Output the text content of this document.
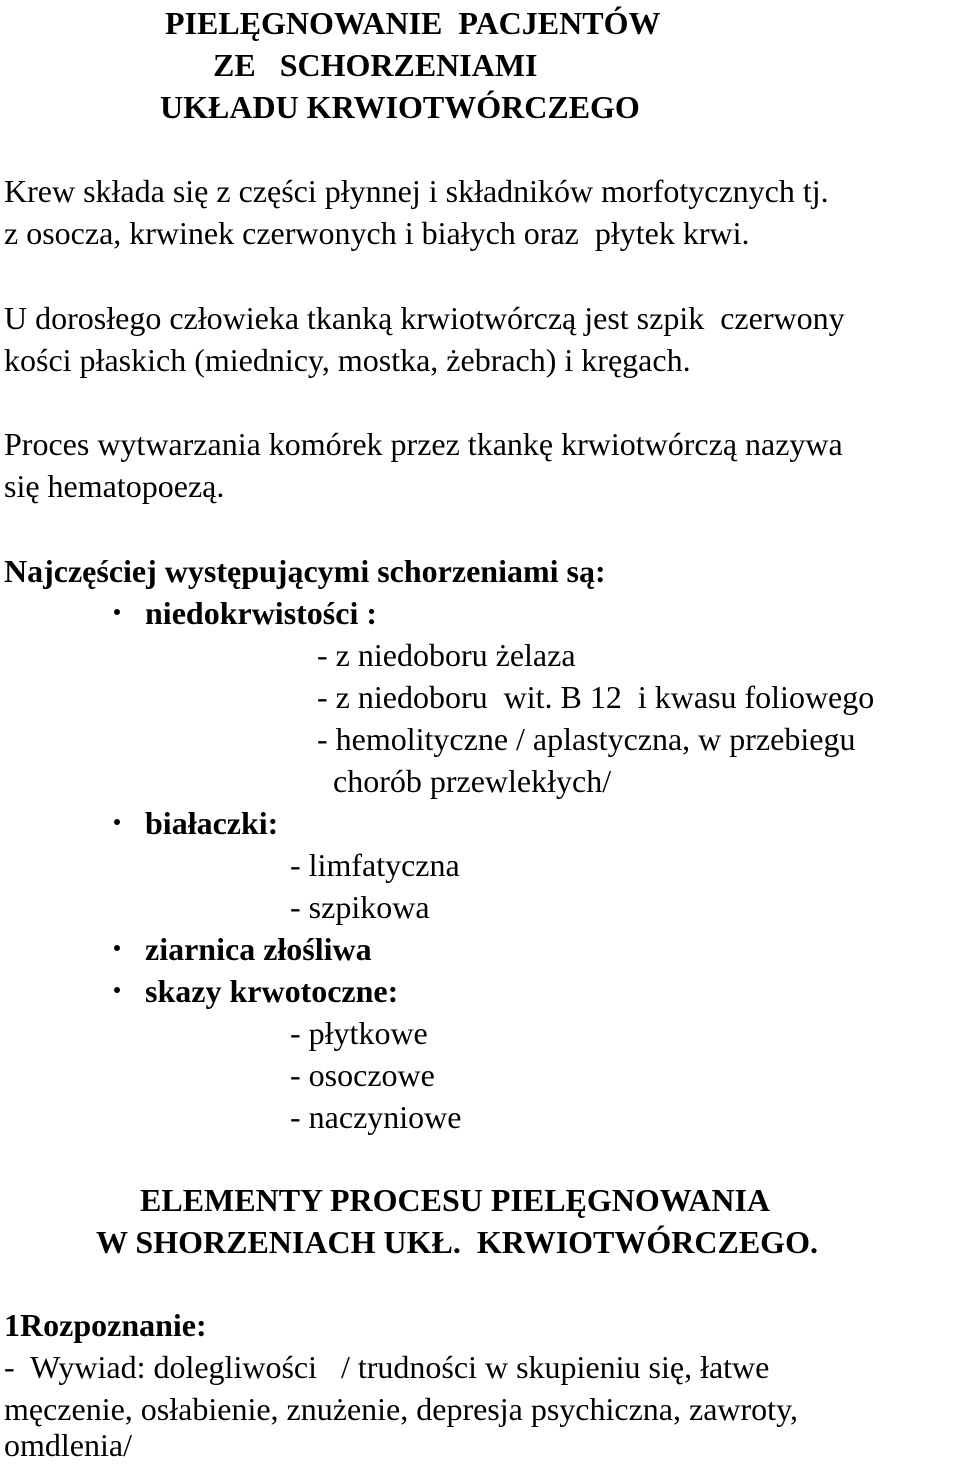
PIELĘGNOWANIE  PACJENTÓW
ZE   SCHORZENIAMI
UKŁADU KRWIOTWÓRCZEGO
Krew składa się z części płynnej i składników morfotycznych tj.
z osocza, krwinek czerwonych i białych oraz  płytek krwi.
U dorosłego człowieka tkanką krwiotwórczą jest szpik  czerwony
kości płaskich (miednicy, mostka, żebrach) i kręgach.
Proces wytwarzania komórek przez tkankę krwiotwórczą nazywa
się hematopoezą.
Najczęściej występującymi schorzeniami są:
niedokrwistości :
- z niedoboru żelaza
- z niedoboru  wit. B 12  i kwasu foliowego
- hemolityczne / aplastyczna, w przebiegu
chorób przewlekłych/
białaczki:
- limfatyczna
- szpikowa
ziarnica złośliwa
skazy krwotoczne:
- płytkowe
- osoczowe
- naczyniowe
ELEMENTY PROCESU PIELĘGNOWANIA
W SHORZENIACH UKŁ.  KRWIOTWÓRCZEGO.
1Rozpoznanie:
-  Wywiad: dolegliwości   / trudności w skupieniu się, łatwe
męczenie, osłabienie, znużenie, depresja psychiczna, zawroty,
omdlenia/
